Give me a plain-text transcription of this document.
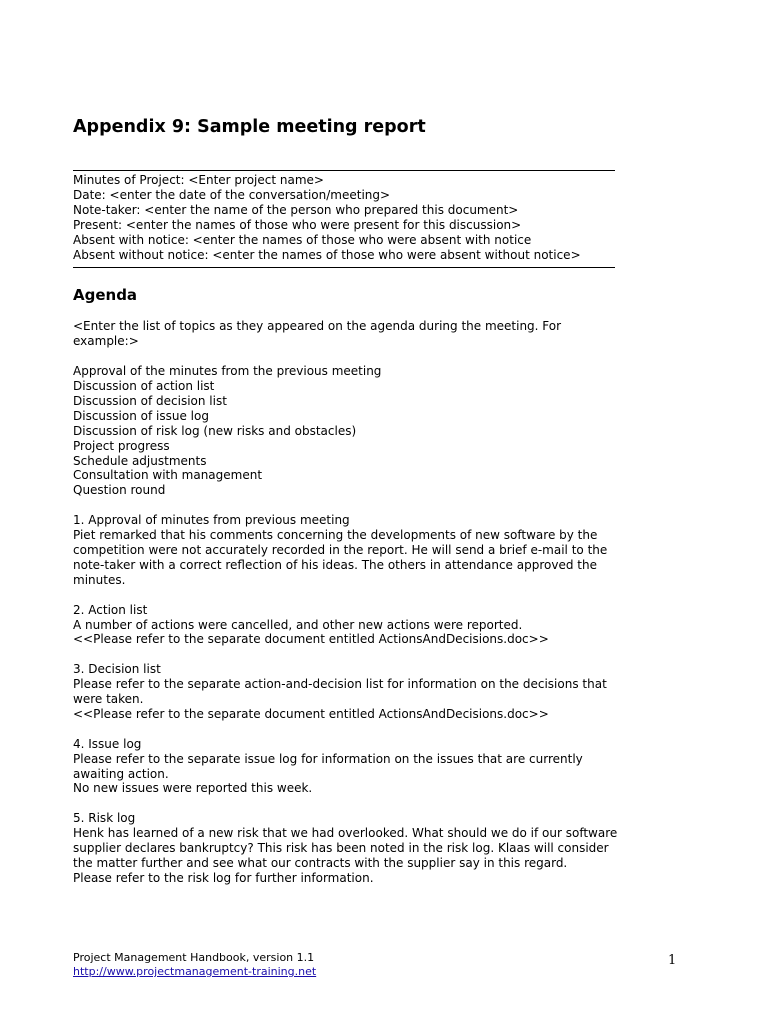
Appendix 9: Sample meeting report

Minutes of Project: <Enter project name>

Date: <enter the date of the conversation/meeting>

Note-taker: <enter the name of the person who prepared this document>

Present: <enter the names of those who were present for this discussion>

Absent with notice: <enter the names of those who were absent with notice

Absent without notice: <enter the names of those who were absent without notice>

Agenda

<Enter the list of topics as they appeared on the agenda during the meeting. For

example:>

Approval of the minutes from the previous meeting

Discussion of action list

Discussion of decision list

Discussion of issue log

Discussion of risk log (new risks and obstacles)

Project progress

Schedule adjustments

Consultation with management

Question round

1. Approval of minutes from previous meeting

Piet remarked that his comments concerning the developments of new software by the

competition were not accurately recorded in the report. He will send a brief e-mail to the

note-taker with a correct reflection of his ideas. The others in attendance approved the

minutes.

2. Action list

A number of actions were cancelled, and other new actions were reported.

<<Please refer to the separate document entitled ActionsAndDecisions.doc>>

3. Decision list

Please refer to the separate action-and-decision list for information on the decisions that

were taken.

<<Please refer to the separate document entitled ActionsAndDecisions.doc>>

4. Issue log

Please refer to the separate issue log for information on the issues that are currently

awaiting action.

No new issues were reported this week.

5. Risk log

Henk has learned of a new risk that we had overlooked. What should we do if our software

supplier declares bankruptcy? This risk has been noted in the risk log. Klaas will consider

the matter further and see what our contracts with the supplier say in this regard.

Please refer to the risk log for further information.

Project Management Handbook, version 1.1
http://www.projectmanagement-training.net
1
